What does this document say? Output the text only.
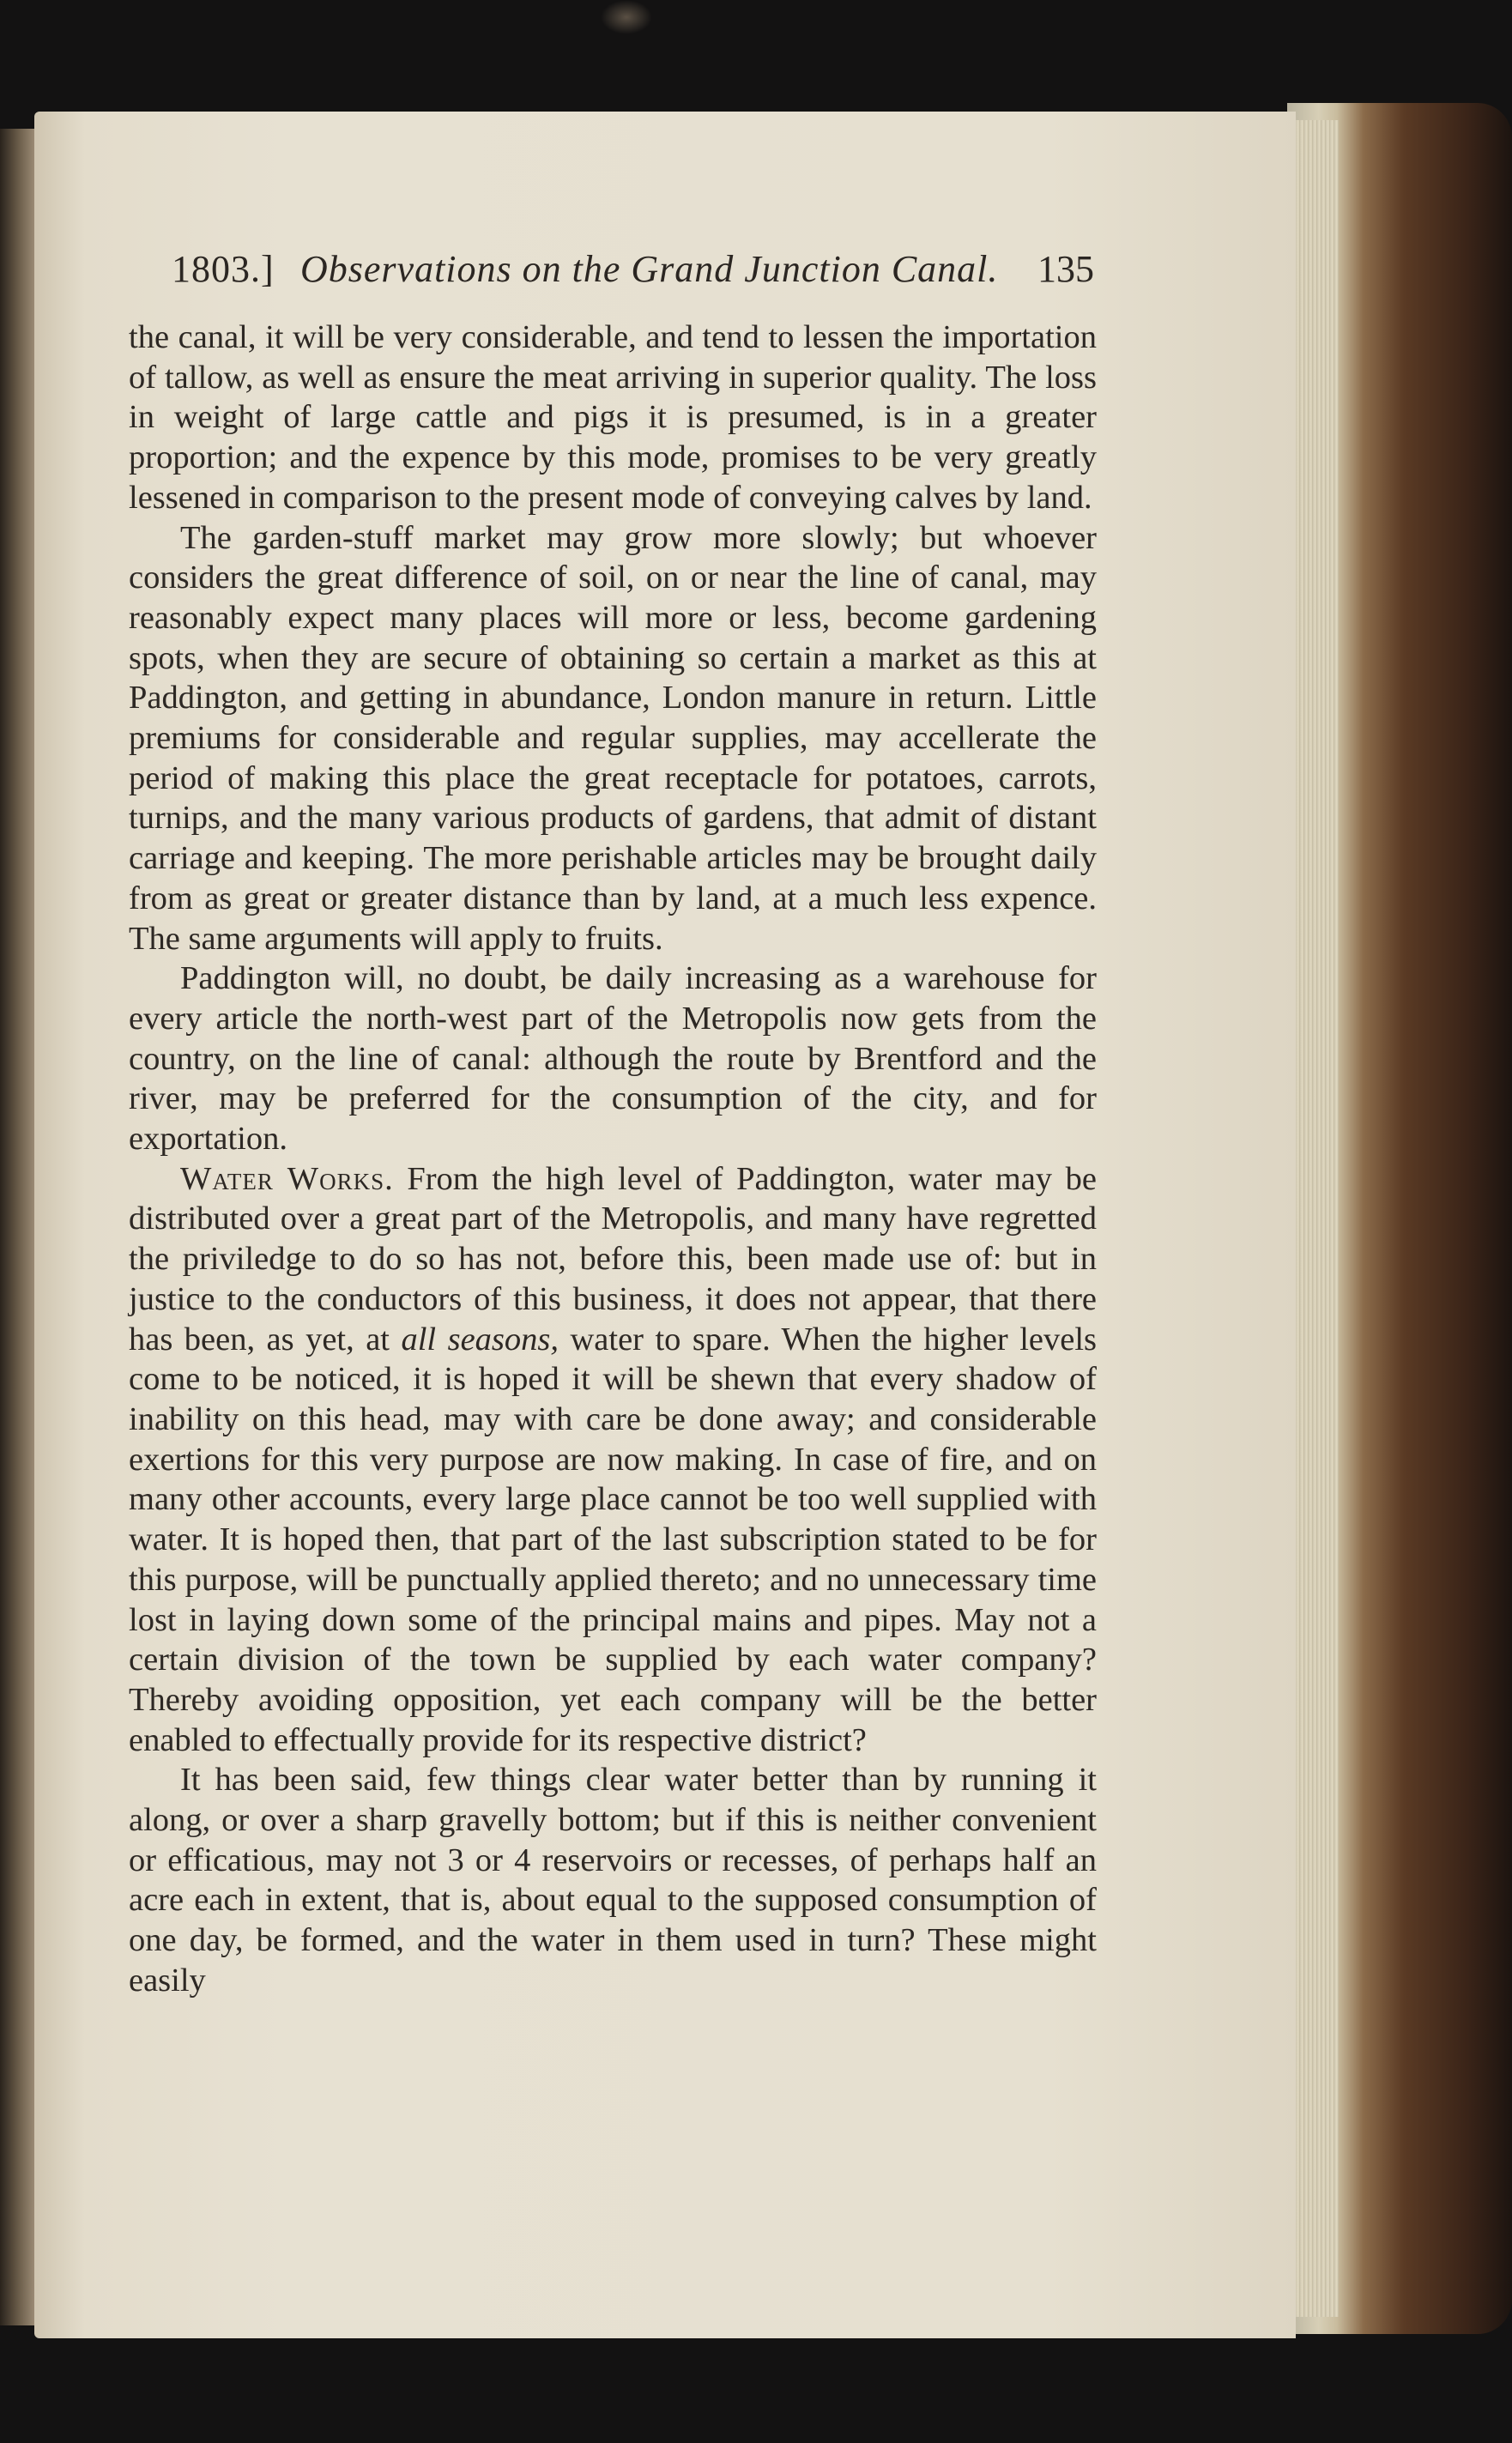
1803.] Observations on the Grand Junction Canal. 135

the canal, it will be very considerable, and tend to lessen the importation of tallow, as well as ensure the meat arriving in superior quality. The loss in weight of large cattle and pigs it is presumed, is in a greater proportion; and the expence by this mode, promises to be very greatly lessened in comparison to the present mode of conveying calves by land.

The garden-stuff market may grow more slowly; but whoever considers the great difference of soil, on or near the line of canal, may reasonably expect many places will more or less, become gardening spots, when they are secure of obtaining so certain a market as this at Paddington, and getting in abundance, London manure in return. Little premiums for considerable and regular supplies, may accellerate the period of making this place the great receptacle for potatoes, carrots, turnips, and the many various products of gardens, that admit of distant carriage and keeping. The more perishable articles may be brought daily from as great or greater distance than by land, at a much less expence. The same arguments will apply to fruits.

Paddington will, no doubt, be daily increasing as a warehouse for every article the north-west part of the Metropolis now gets from the country, on the line of canal: although the route by Brentford and the river, may be preferred for the consumption of the city, and for exportation.

Water Works. From the high level of Paddington, water may be distributed over a great part of the Metropolis, and many have regretted the priviledge to do so has not, before this, been made use of: but in justice to the conductors of this business, it does not appear, that there has been, as yet, at all seasons, water to spare. When the higher levels come to be noticed, it is hoped it will be shewn that every shadow of inability on this head, may with care be done away; and considerable exertions for this very purpose are now making. In case of fire, and on many other accounts, every large place cannot be too well supplied with water. It is hoped then, that part of the last subscription stated to be for this purpose, will be punctually applied thereto; and no unnecessary time lost in laying down some of the principal mains and pipes. May not a certain division of the town be supplied by each water company? Thereby avoiding opposition, yet each company will be the better enabled to effectually provide for its respective district?

It has been said, few things clear water better than by running it along, or over a sharp gravelly bottom; but if this is neither convenient or efficatious, may not 3 or 4 reservoirs or recesses, of perhaps half an acre each in extent, that is, about equal to the supposed consumption of one day, be formed, and the water in them used in turn? These might easily
